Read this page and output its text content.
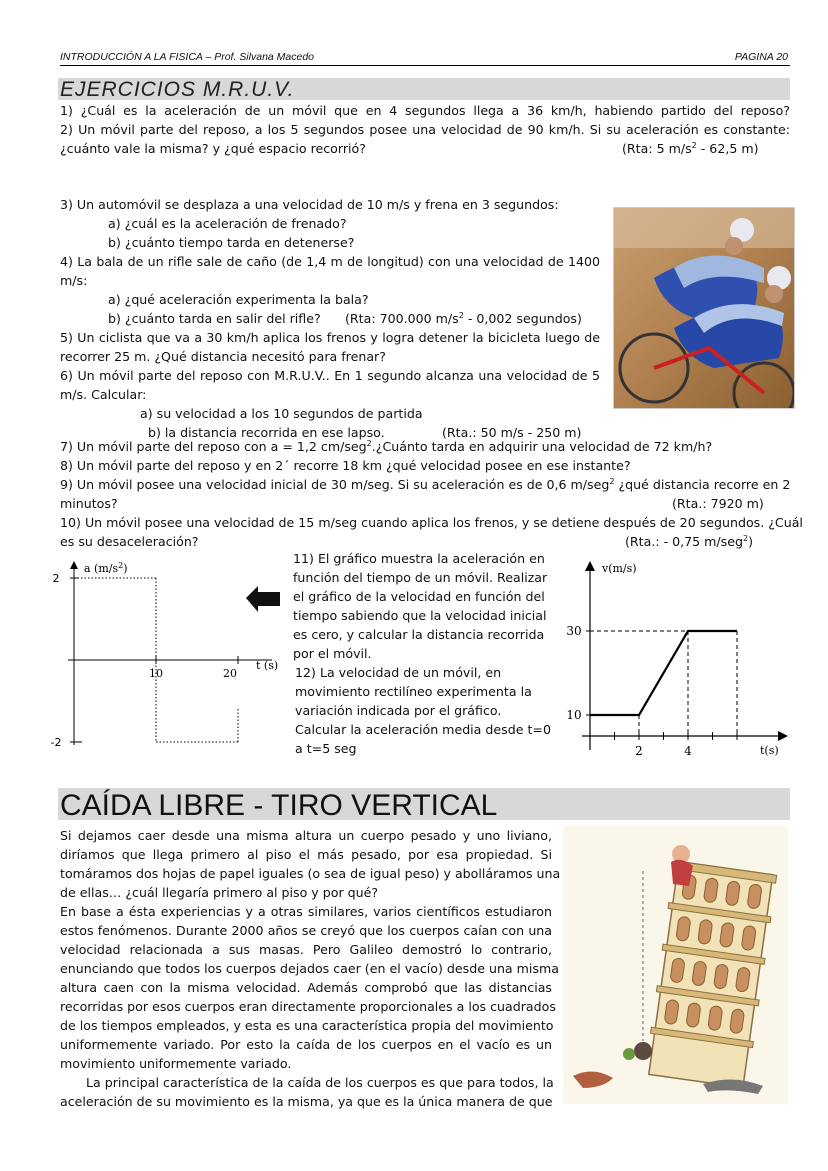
INTRODUCCIÓN A LA FISICA – Prof. Silvana Macedo	PAGINA 20
EJERCICIOS M.R.U.V.
1) ¿Cuál es la aceleración de un móvil que en 4 segundos llega a 36 km/h, habiendo partido del reposo?
2) Un móvil parte del reposo, a los 5 segundos posee una velocidad de 90 km/h. Si su aceleración es constante:
¿cuánto vale la misma? y ¿qué espacio recorrió?	(Rta: 5 $m/s^2 - 62,5$ m)
3) Un automóvil se desplaza a una velocidad de 10 m/s y frena en 3 segundos:
a) ¿cuál es la aceleración de frenado?
b) ¿cuánto tiempo tarda en detenerse?
4) La bala de un rifle sale de caño (de 1,4 m de longitud) con una velocidad de 1400
m/s:
a) ¿qué aceleración experimenta la bala?
b) ¿cuánto tarda en salir del rifle? (Rta: 700.000 $m/s^2 - 0,002$ segundos)
5) Un ciclista que va a 30 km/h aplica los frenos y logra detener la bicicleta luego de
recorrer 25 m. ¿Qué distancia necesitó para frenar?
6) Un móvil parte del reposo con M.R.U.V.. En 1 segundo alcanza una velocidad de 5
m/s. Calcular:
a) su velocidad a los 10 segundos de partida
b) la distancia recorrida en ese lapso.	(Rta.: 50 m/s - 250 m)
7) Un móvil parte del reposo con a = 1,2 cm/seg$^2$.¿Cuánto tarda en adquirir una velocidad de 72 km/h?
8) Un móvil parte del reposo y en 2´ recorre 18 km ¿qué velocidad posee en ese instante?
9) Un móvil posee una velocidad inicial de 30 m/seg. Si su aceleración es de 0,6 m/seg$^2$ ¿qué distancia recorre en 2
minutos?	(Rta.: 7920 m)
10) Un móvil posee una velocidad de 15 m/seg cuando aplica los frenos, y se detiene después de 20 segundos. ¿Cuál
es su desaceleración?	(Rta.: - 0,75 m/seg$^2$)
a $(m/s^2)$
t (s)
2
-2
10	20
11) El gráfico muestra la aceleración en
función del tiempo de un móvil. Realizar
el gráfico de la velocidad en función del
tiempo sabiendo que la velocidad inicial
es cero, y calcular la distancia recorrida
por el móvil.
12) La velocidad de un móvil, en
movimiento rectilíneo experimenta la
variación indicada por el gráfico.
Calcular la aceleración media desde t=0
a t=5 seg
v(m/s)
t(s)
30
10
2	4
CAÍDA LIBRE - TIRO VERTICAL
Si dejamos caer desde una misma altura un cuerpo pesado y uno liviano,
diríamos que llega primero al piso el más pesado, por esa propiedad. Si
tomáramos dos hojas de papel iguales (o sea de igual peso) y abolláramos una
de ellas… ¿cuál llegaría primero al piso y por qué?
En base a ésta experiencias y a otras similares, varios científicos estudiaron
estos fenómenos. Durante 2000 años se creyó que los cuerpos caían con una
velocidad relacionada a sus masas. Pero Galileo demostró lo contrario,
enunciando que todos los cuerpos dejados caer (en el vacío) desde una misma
altura caen con la misma velocidad. Además comprobó que las distancias
recorridas por esos cuerpos eran directamente proporcionales a los cuadrados
de los tiempos empleados, y esta es una característica propia del movimiento
uniformemente variado. Por esto la caída de los cuerpos en el vacío es un
movimiento uniformemente variado.
La principal característica de la caída de los cuerpos es que para todos, la
aceleración de su movimiento es la misma, ya que es la única manera de que
